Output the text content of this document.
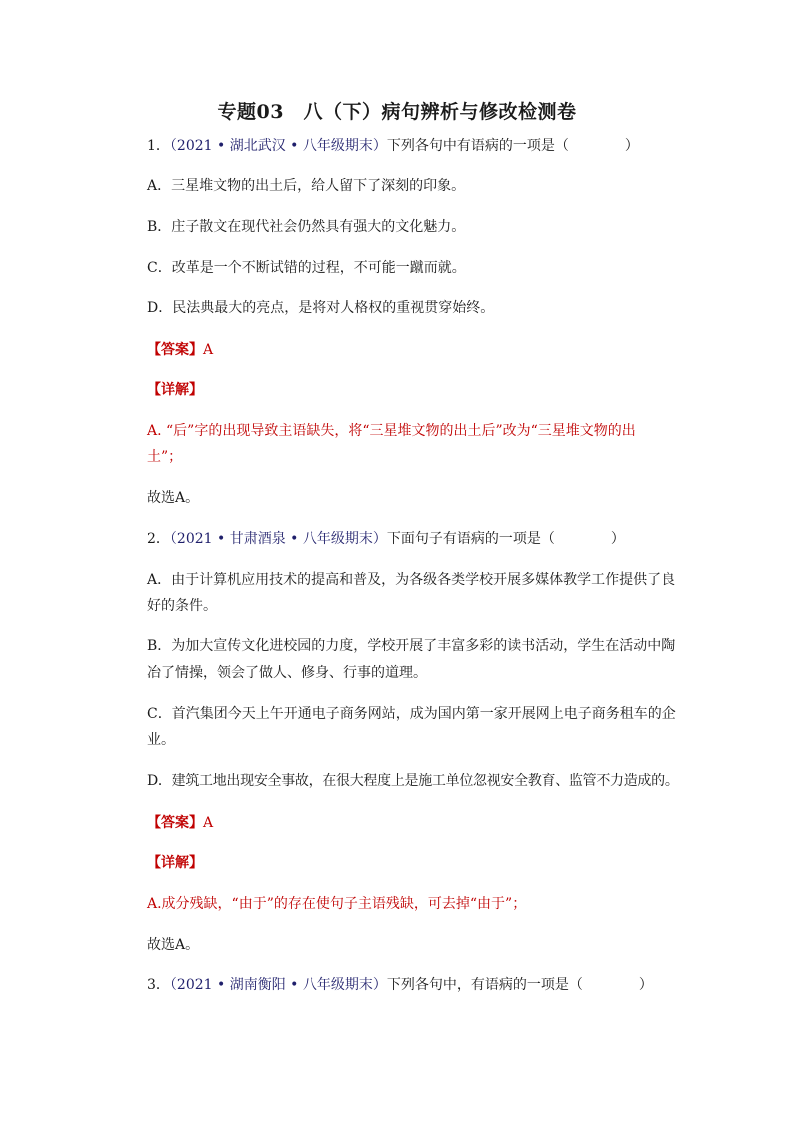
专题03　八（下）病句辨析与修改检测卷
1．（2021 • 湖北武汉 • 八年级期末）下列各句中有语病的一项是（　　　　）
A．三星堆文物的出土后，给人留下了深刻的印象。
B．庄子散文在现代社会仍然具有强大的文化魅力。
C．改革是一个不断试错的过程，不可能一蹴而就。
D．民法典最大的亮点，是将对人格权的重视贯穿始终。
【答案】A
【详解】
A. “后”字的出现导致主语缺失，将“三星堆文物的出土后”改为“三星堆文物的出
土”；
故选A。
2．（2021 • 甘肃酒泉 • 八年级期末）下面句子有语病的一项是（　　　　）
A．由于计算机应用技术的提高和普及，为各级各类学校开展多媒体教学工作提供了良
好的条件。
B．为加大宣传文化进校园的力度，学校开展了丰富多彩的读书活动，学生在活动中陶
冶了情操，领会了做人、修身、行事的道理。
C．首汽集团今天上午开通电子商务网站，成为国内第一家开展网上电子商务租车的企
业。
D．建筑工地出现安全事故，在很大程度上是施工单位忽视安全教育、监管不力造成的。
【答案】A
【详解】
A.成分残缺，“由于”的存在使句子主语残缺，可去掉“由于”；
故选A。
3．（2021 • 湖南衡阳 • 八年级期末）下列各句中，有语病的一项是（　　　　）
